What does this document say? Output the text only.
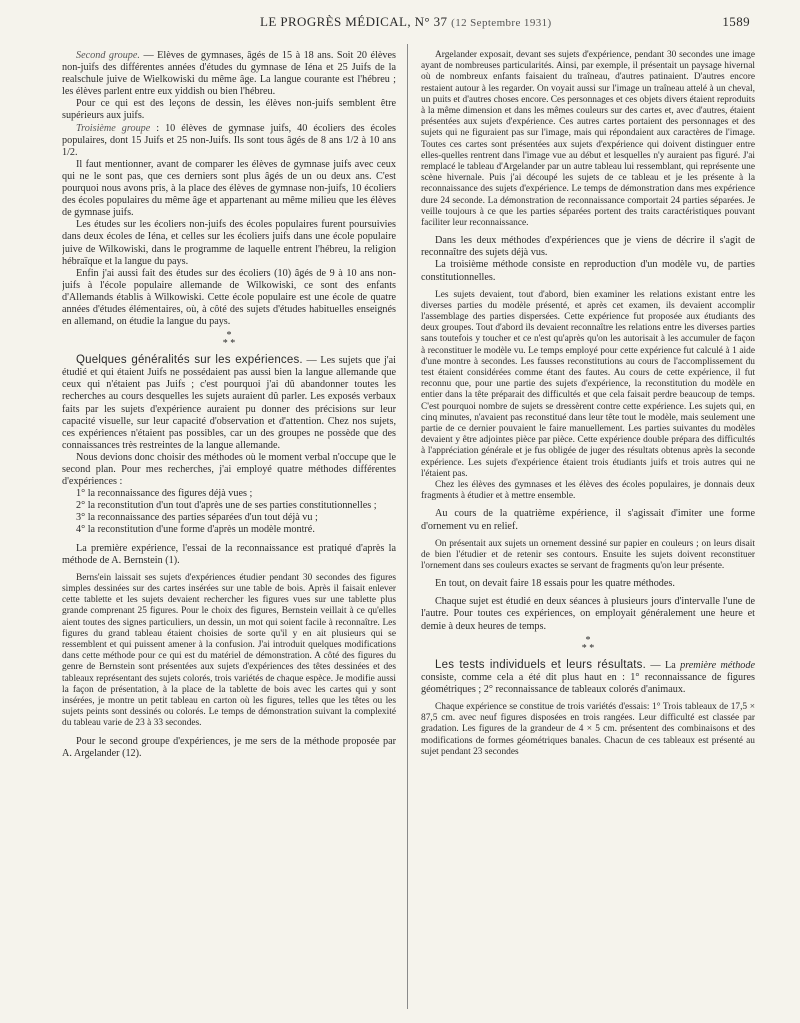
LE PROGRÈS MÉDICAL, N° 37 (12 Septembre 1931)	1589

Second groupe. — Elèves de gymnases, âgés de 15 à 18 ans. Soit 20 élèves non-juifs des différentes années d'études du gymnase de Iéna et 25 Juifs de la realschule juive de Wielkowiski du même âge. La langue courante est l'hébreu ; les élèves parlent entre eux yiddish ou bien l'hébreu.

Pour ce qui est des leçons de dessin, les élèves non-juifs semblent être supérieurs aux juifs.

Troisième groupe : 10 élèves de gymnase juifs, 40 écoliers des écoles populaires, dont 15 Juifs et 25 non-Juifs. Ils sont tous âgés de 8 ans 1/2 à 10 ans 1/2.

Il faut mentionner, avant de comparer les élèves de gymnase juifs avec ceux qui ne le sont pas, que ces derniers sont plus âgés de un ou deux ans. C'est pourquoi nous avons pris, à la place des élèves de gymnase non-juifs, 10 écoliers des écoles populaires du même âge et appartenant au même milieu que les élèves de gymnase juifs.

Les études sur les écoliers non-juifs des écoles populaires furent poursuivies dans deux écoles de Iéna, et celles sur les écoliers juifs dans une école populaire juive de Wilkowiski, dans le programme de laquelle entrent l'hébreu, la religion hébraïque et la langue du pays.

Enfin j'ai aussi fait des études sur des écoliers (10) âgés de 9 à 10 ans non-juifs à l'école populaire allemande de Wilkowiski, ce sont des enfants d'Allemands établis à Wilkowiski. Cette école populaire est une école de quatre années d'études élémentaires, où, à côté des sujets d'études habituelles enseignés en allemand, on étudie la langue du pays.

*
* *

Quelques généralités sur les expériences. — Les sujets que j'ai étudié et qui étaient Juifs ne possédaient pas aussi bien la langue allemande que ceux qui n'étaient pas Juifs ; c'est pourquoi j'ai dû abandonner toutes les recherches au cours desquelles les sujets auraient dû parler. Les exposés verbaux faits par les sujets d'expérience auraient pu donner des précisions sur leur capacité visuelle, sur leur capacité d'observation et d'attention. Chez nos sujets, ces expériences n'étaient pas possibles, car un des groupes ne possède que des connaissances très restreintes de la langue allemande.

Nous devions donc choisir des méthodes où le moment verbal n'occupe que le second plan. Pour mes recherches, j'ai employé quatre méthodes différentes d'expériences :

1° la reconnaissance des figures déjà vues ;

2° la reconstitution d'un tout d'après une de ses parties constitutionnelles ;

3° la reconnaissance des parties séparées d'un tout déjà vu ;

4° la reconstitution d'une forme d'après un modèle montré.

La première expérience, l'essai de la reconnaissance est pratiqué d'après la méthode de A. Bernstein (1).

Berns'ein laissait ses sujets d'expériences étudier pendant 30 secondes des figures simples dessinées sur des cartes insérées sur une table de bois. Après il faisait enlever cette tablette et les sujets devaient rechercher les figures vues sur une tablette plus grande comprenant 25 figures. Pour le choix des figures, Bernstein veillait à ce qu'elles aient toutes des signes particuliers, un dessin, un mot qui soient facile à reconnaître. Les figures du grand tableau étaient choisies de sorte qu'il y en ait plusieurs qui se ressemblent et qui puissent amener à la confusion. J'ai introduit quelques modifications dans cette méthode pour ce qui est du matériel de démonstration. A côté des figures du genre de Bernstein sont présentées aux sujets d'expériences des têtes dessinées et des tableaux représentant des sujets colorés, trois variétés de chaque espèce. Je modifie aussi la façon de présentation, à la place de la tablette de bois avec les cartes qui y sont insérées, je montre un petit tableau en carton où les figures, telles que les têtes ou les sujets peints sont dessinés ou colorés. Le temps de démonstration suivant la complexité du tableau varie de 23 à 33 secondes.

Pour le second groupe d'expériences, je me sers de la méthode proposée par A. Argelander (12).

Argelander exposait, devant ses sujets d'expérience, pendant 30 secondes une image ayant de nombreuses particularités. Ainsi, par exemple, il présentait un paysage hivernal où de nombreux enfants faisaient du traîneau, d'autres patinaient. D'autres encore restaient autour à les regarder. On voyait aussi sur l'image un traîneau attelé à un cheval, un puits et d'autres choses encore. Ces personnages et ces objets divers étaient reproduits à la même dimension et dans les mêmes couleurs sur des cartes et, avec d'autres, étaient présentées aux sujets d'expérience. Ces autres cartes portaient des personnages et des sujets qui ne figuraient pas sur l'image, mais qui répondaient aux caractères de l'image. Toutes ces cartes sont présentées aux sujets d'expérience qui doivent distinguer entre elles-quelles rentrent dans l'image vue au début et lesquelles n'y auraient pas figuré. J'ai remplacé le tableau d'Argelander par un autre tableau lui ressemblant, qui représente une scène hivernale. Puis j'ai découpé les sujets de ce tableau et je les présente à la reconnaissance des sujets d'expérience. Le temps de démonstration dans mes expérience dure 24 seconde. La démonstration de reconnaissance comportait 24 parties séparées. Je veille toujours à ce que les parties séparées portent des traits caractéristiques pouvant faciliter leur reconnaissance.

Dans les deux méthodes d'expériences que je viens de décrire il s'agit de reconnaître des sujets déjà vus.

La troisième méthode consiste en reproduction d'un modèle vu, de parties constitutionnelles.

Les sujets devaient, tout d'abord, bien examiner les relations existant entre les diverses parties du modèle présenté, et après cet examen, ils devaient accomplir l'assemblage des parties dispersées. Cette expérience fut proposée aux étudiants des deux groupes. Tout d'abord ils devaient reconnaître les relations entre les diverses parties sans toutefois y toucher et ce n'est qu'après qu'on les autorisait à les accumuler de façon à reconstituer le modèle vu. Le temps employé pour cette expérience fut calculé à 1 aide d'une montre à secondes. Les fausses reconstitutions au cours de l'accomplissement du test étaient considérées comme étant des fautes. Au cours de cette expérience, il fut reconnu que, pour une partie des sujets d'expérience, la reconstitution du modèle en entier dans la tête préparait des difficultés et que cela faisait perdre beaucoup de temps. C'est pourquoi nombre de sujets se dressèrent contre cette expérience. Les sujets qui, en cinq minutes, n'avaient pas reconstitué dans leur tête tout le modèle, mais seulement une partie de ce dernier pouvaient le faire manuellement. Les parties suivantes du modèles devaient y être adjointes pièce par pièce. Cette expérience double prépara des difficultés à l'appréciation générale et je fus obligée de juger des résultats obtenus après la seconde expérience. Les sujets d'expérience étaient trois étudiants juifs et trois autres qui ne l'étaient pas.

Chez les élèves des gymnases et les élèves des écoles populaires, je donnais deux fragments à étudier et à mettre ensemble.

Au cours de la quatrième expérience, il s'agissait d'imiter une forme d'ornement vu en relief.

On présentait aux sujets un ornement dessiné sur papier en couleurs ; on leurs disait de bien l'étudier et de retenir ses contours. Ensuite les sujets doivent reconstituer l'ornement dans ses couleurs exactes se servant de fragments qu'on leur présente.

En tout, on devait faire 18 essais pour les quatre méthodes.

Chaque sujet est étudié en deux séances à plusieurs jours d'intervalle l'une de l'autre. Pour toutes ces expériences, on employait généralement une heure et demie à deux heures de temps.

*
* *

Les tests individuels et leurs résultats. — La première méthode consiste, comme cela a été dit plus haut en : 1° reconnaissance de figures géométriques ; 2° reconnaissance de tableaux colorés d'animaux.

Chaque expérience se constitue de trois variétés d'essais: 1° Trois tableaux de 17,5 × 87,5 cm. avec neuf figures disposées en trois rangées. Leur difficulté est classée par gradation. Les figures de la grandeur de 4 × 5 cm. présentent des combinaisons et des modifications de formes géométriques banales. Chacun de ces tableaux est présenté au sujet pendant 23 secondes
